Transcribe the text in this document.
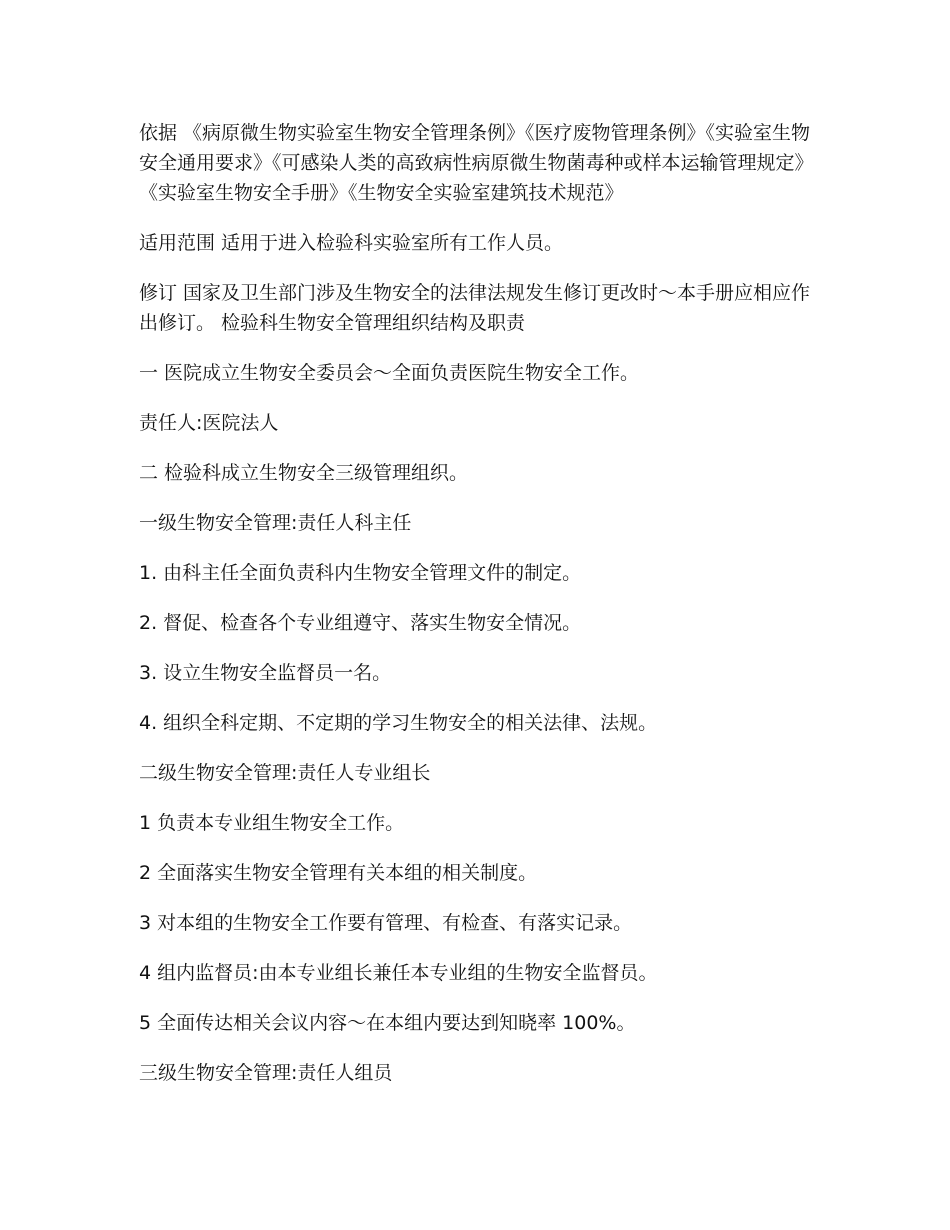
依据 《病原微生物实验室生物安全管理条例》《医疗废物管理条例》《实验室生物安全通用要求》《可感染人类的高致病性病原微生物菌毒种或样本运输管理规定》《实验室生物安全手册》《生物安全实验室建筑技术规范》

适用范围 适用于进入检验科实验室所有工作人员。

修订 国家及卫生部门涉及生物安全的法律法规发生修订更改时～本手册应相应作出修订。 检验科生物安全管理组织结构及职责

一 医院成立生物安全委员会～全面负责医院生物安全工作。

责任人:医院法人

二 检验科成立生物安全三级管理组织。

一级生物安全管理:责任人科主任

1. 由科主任全面负责科内生物安全管理文件的制定。

2. 督促、检查各个专业组遵守、落实生物安全情况。

3. 设立生物安全监督员一名。

4. 组织全科定期、不定期的学习生物安全的相关法律、法规。

二级生物安全管理:责任人专业组长

1 负责本专业组生物安全工作。

2 全面落实生物安全管理有关本组的相关制度。

3 对本组的生物安全工作要有管理、有检查、有落实记录。

4 组内监督员:由本专业组长兼任本专业组的生物安全监督员。

5 全面传达相关会议内容～在本组内要达到知晓率 100%。

三级生物安全管理:责任人组员
